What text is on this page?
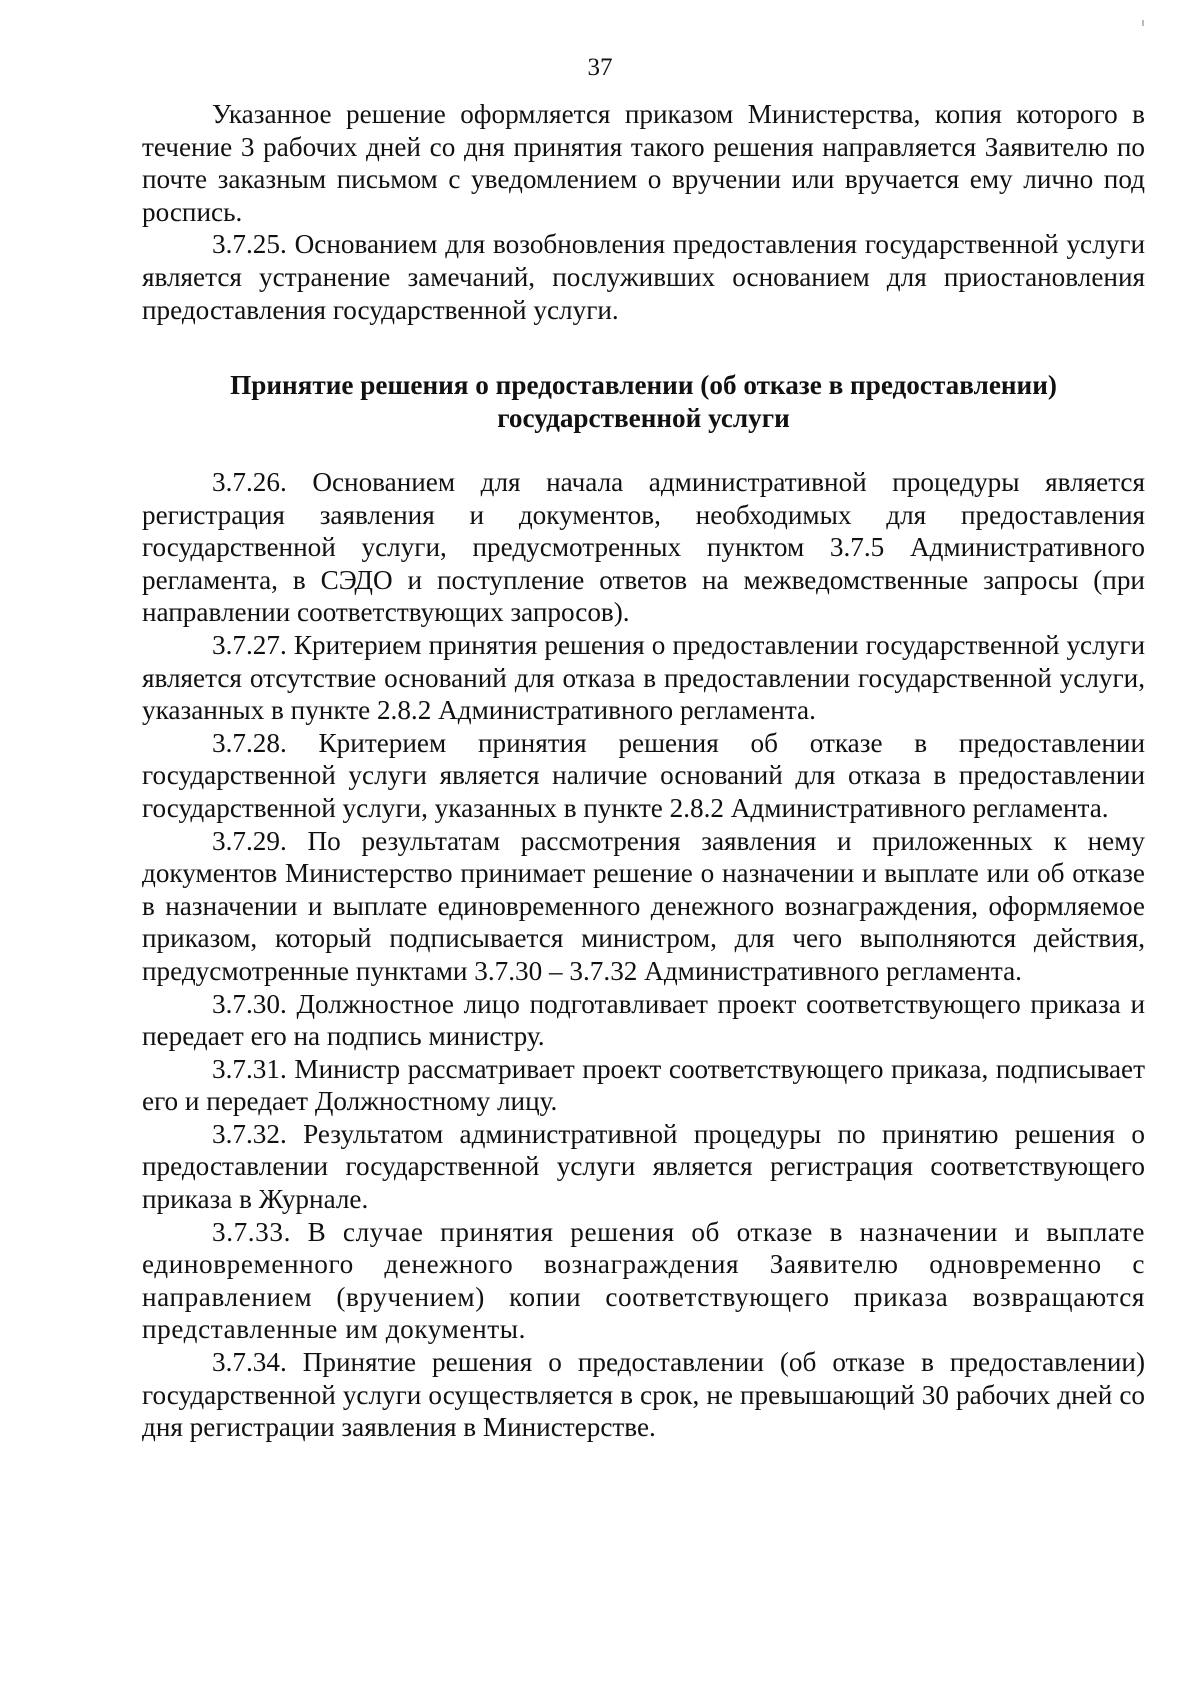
37

Указанное решение оформляется приказом Министерства, копия которого в течение 3 рабочих дней со дня принятия такого решения направляется Заявителю по почте заказным письмом с уведомлением о вручении или вручается ему лично под роспись.

3.7.25. Основанием для возобновления предоставления государственной услуги является устранение замечаний, послуживших основанием для приостановления предоставления государственной услуги.

Принятие решения о предоставлении (об отказе в предоставлении)
государственной услуги

3.7.26. Основанием для начала административной процедуры является регистрация заявления и документов, необходимых для предоставления государственной услуги, предусмотренных пунктом 3.7.5 Административного регламента, в СЭДО и поступление ответов на межведомственные запросы (при направлении соответствующих запросов).

3.7.27. Критерием принятия решения о предоставлении государственной услуги является отсутствие оснований для отказа в предоставлении государственной услуги, указанных в пункте 2.8.2 Административного регламента.

3.7.28. Критерием принятия решения об отказе в предоставлении государственной услуги является наличие оснований для отказа в предоставлении государственной услуги, указанных в пункте 2.8.2 Административного регламента.

3.7.29. По результатам рассмотрения заявления и приложенных к нему документов Министерство принимает решение о назначении и выплате или об отказе в назначении и выплате единовременного денежного вознаграждения, оформляемое приказом, который подписывается министром, для чего выполняются действия, предусмотренные пунктами 3.7.30 – 3.7.32 Административного регламента.

3.7.30. Должностное лицо подготавливает проект соответствующего приказа и передает его на подпись министру.

3.7.31. Министр рассматривает проект соответствующего приказа, подписывает его и передает Должностному лицу.

3.7.32. Результатом административной процедуры по принятию решения о предоставлении государственной услуги является регистрация соответствующего приказа в Журнале.

3.7.33. В случае принятия решения об отказе в назначении и выплате единовременного денежного вознаграждения Заявителю одновременно с направлением (вручением) копии соответствующего приказа возвращаются представленные им документы.

3.7.34. Принятие решения о предоставлении (об отказе в предоставлении) государственной услуги осуществляется в срок, не превышающий 30 рабочих дней со дня регистрации заявления в Министерстве.
